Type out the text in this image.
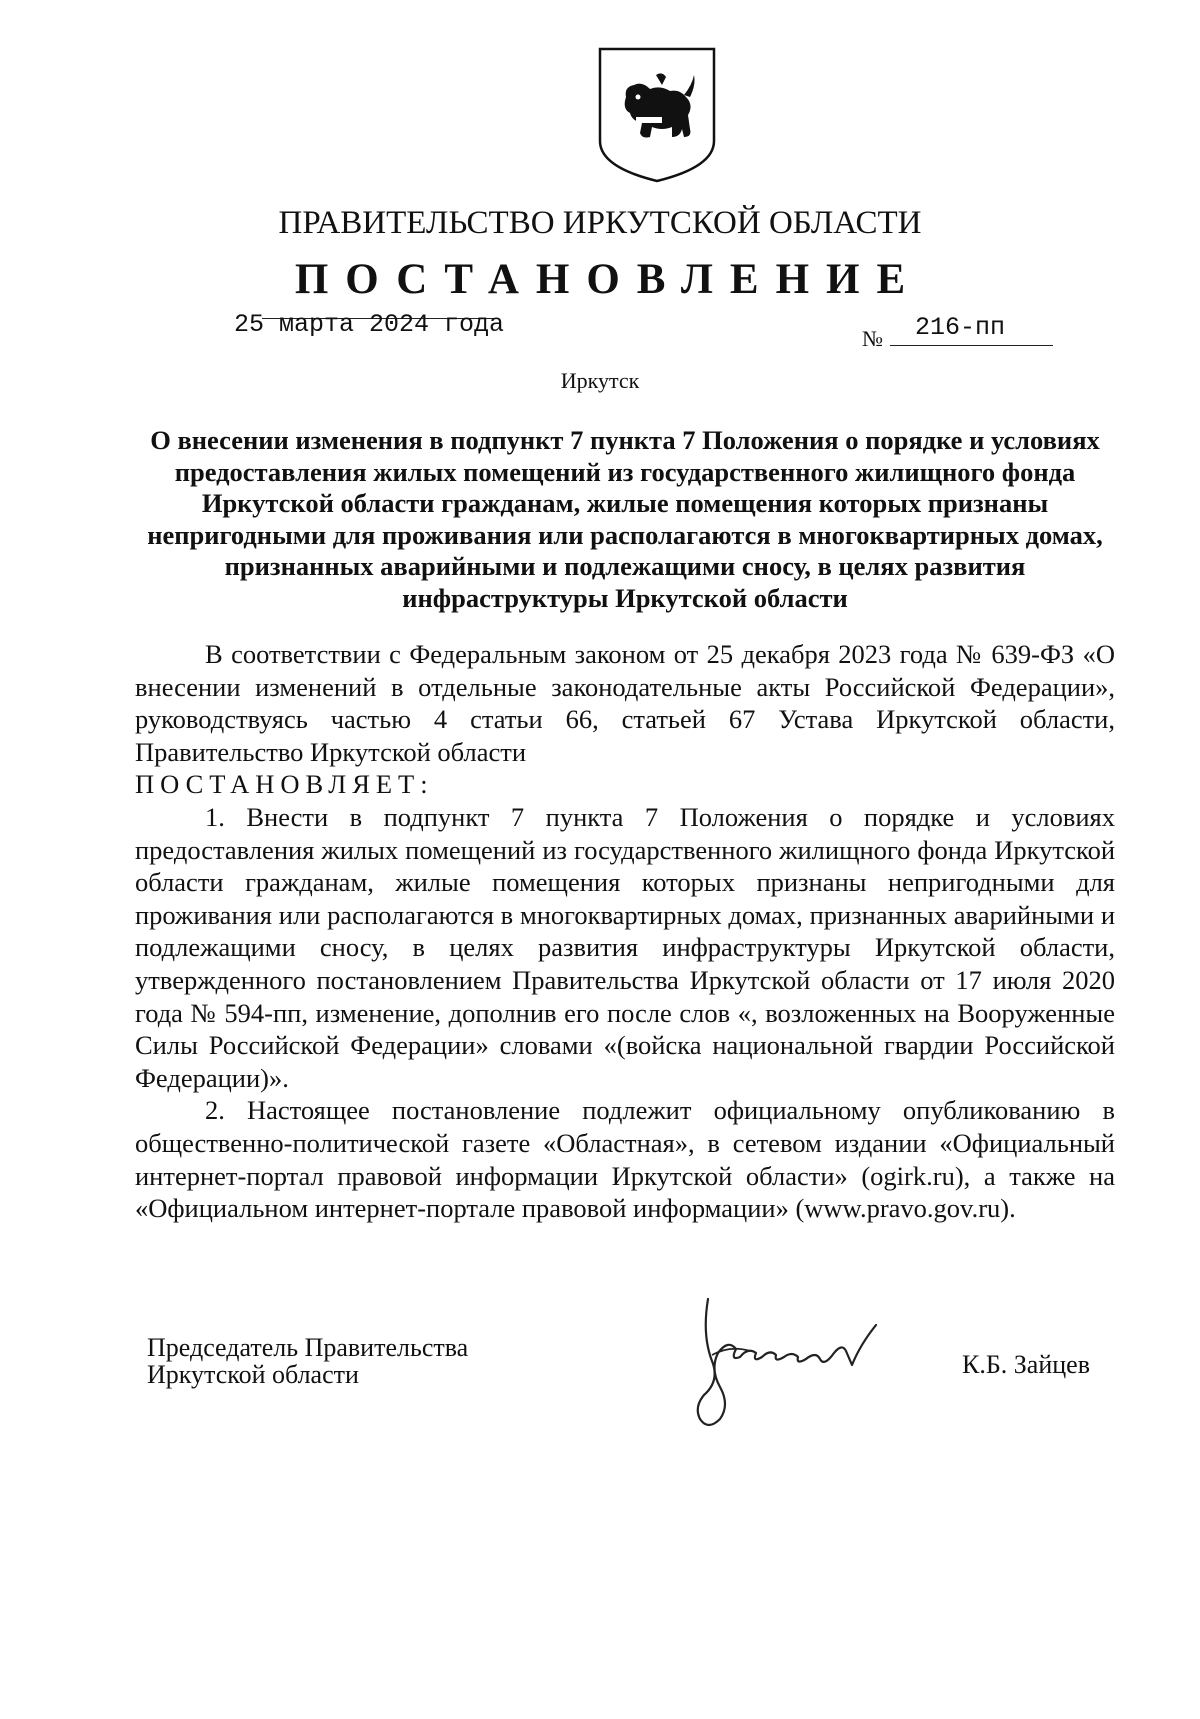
ПРАВИТЕЛЬСТВО ИРКУТСКОЙ ОБЛАСТИ
ПОСТАНОВЛЕНИЕ
25 марта 2024 года	№ 216-пп
Иркутск

О внесении изменения в подпункт 7 пункта 7 Положения о порядке и условиях предоставления жилых помещений из государственного жилищного фонда Иркутской области гражданам, жилые помещения которых признаны непригодными для проживания или располагаются в многоквартирных домах, признанных аварийными и подлежащими сносу, в целях развития инфраструктуры Иркутской области

В соответствии с Федеральным законом от 25 декабря 2023 года № 639-ФЗ «О внесении изменений в отдельные законодательные акты Российской Федерации», руководствуясь частью 4 статьи 66, статьей 67 Устава Иркутской области, Правительство Иркутской области

ПОСТАНОВЛЯЕТ:

1. Внести в подпункт 7 пункта 7 Положения о порядке и условиях предоставления жилых помещений из государственного жилищного фонда Иркутской области гражданам, жилые помещения которых признаны непригодными для проживания или располагаются в многоквартирных домах, признанных аварийными и подлежащими сносу, в целях развития инфраструктуры Иркутской области, утвержденного постановлением Правительства Иркутской области от 17 июля 2020 года № 594-пп, изменение, дополнив его после слов «, возложенных на Вооруженные Силы Российской Федерации» словами «(войска национальной гвардии Российской Федерации)».

2. Настоящее постановление подлежит официальному опубликованию в общественно-политической газете «Областная», в сетевом издании «Официальный интернет-портал правовой информации Иркутской области» (ogirk.ru), а также на «Официальном интернет-портале правовой информации» (www.pravo.gov.ru).

Председатель Правительства
Иркутской области	К.Б. Зайцев
